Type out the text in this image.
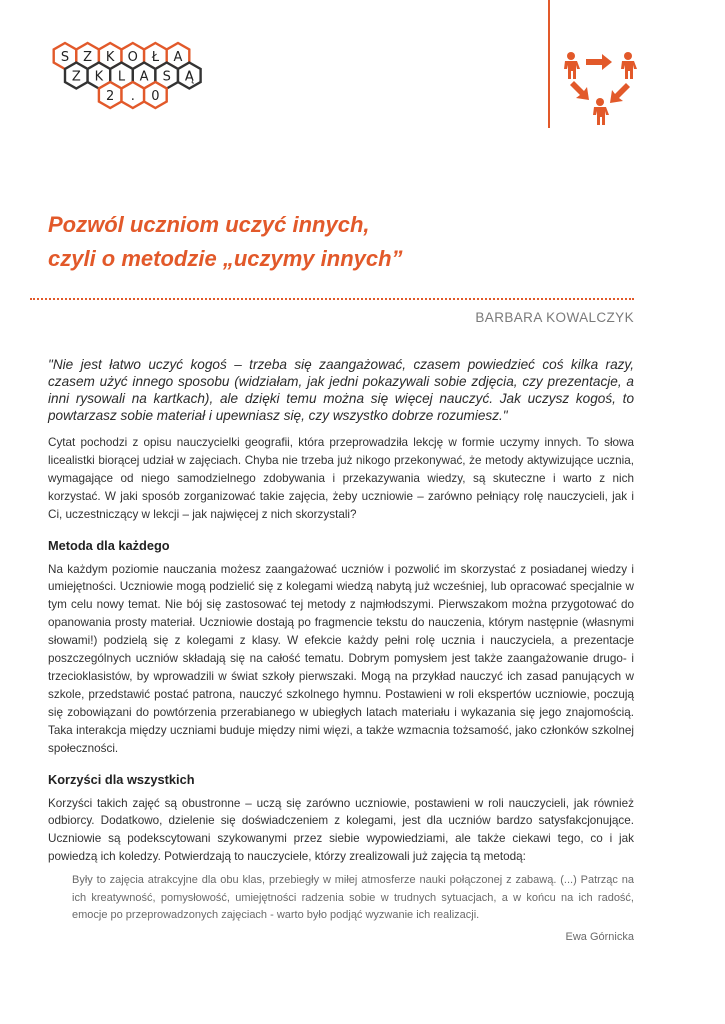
S Z K O Ł A
Z K L A S Ą
2 . 0
Pozwól uczniom uczyć innych,
czyli o metodzie „uczymy innych”
BARBARA KOWALCZYK

"Nie jest łatwo uczyć kogoś – trzeba się zaangażować, czasem powiedzieć coś kilka razy, czasem użyć innego sposobu (widziałam, jak jedni pokazywali sobie zdjęcia, czy prezentacje, a inni rysowali na kartkach), ale dzięki temu można się więcej nauczyć. Jak uczysz kogoś, to powtarzasz sobie materiał i upewniasz się, czy wszystko dobrze rozumiesz."

Cytat pochodzi z opisu nauczycielki geografii, która przeprowadziła lekcję w formie uczymy innych. To słowa licealistki biorącej udział w zajęciach. Chyba nie trzeba już nikogo przekonywać, że metody aktywizujące ucznia, wymagające od niego samodzielnego zdobywania i przekazywania wiedzy, są skuteczne i warto z nich korzystać. W jaki sposób zorganizować takie zajęcia, żeby uczniowie – zarówno pełniący rolę nauczycieli, jak i Ci, uczestniczący w lekcji – jak najwięcej z nich skorzystali?

Metoda dla każdego

Na każdym poziomie nauczania możesz zaangażować uczniów i pozwolić im skorzystać z posiadanej wiedzy i umiejętności. Uczniowie mogą podzielić się z kolegami wiedzą nabytą już wcześniej, lub opracować specjalnie w tym celu nowy temat. Nie bój się zastosować tej metody z najmłodszymi. Pierwszakom można przygotować do opanowania prosty materiał. Uczniowie dostają po fragmencie tekstu do nauczenia, którym następnie (własnymi słowami!) podzielą się z kolegami z klasy. W efekcie każdy pełni rolę ucznia i nauczyciela, a prezentacje poszczególnych uczniów składają się na całość tematu. Dobrym pomysłem jest także zaangażowanie drugo- i trzecioklasistów, by wprowadzili w świat szkoły pierwszaki. Mogą na przykład nauczyć ich zasad panujących w szkole, przedstawić postać patrona, nauczyć szkolnego hymnu. Postawieni w roli ekspertów uczniowie, poczują się zobowiązani do powtórzenia przerabianego w ubiegłych latach materiału i wykazania się jego znajomością. Taka interakcja między uczniami buduje między nimi więzi, a także wzmacnia tożsamość, jako członków szkolnej społeczności.

Korzyści dla wszystkich

Korzyści takich zajęć są obustronne – uczą się zarówno uczniowie, postawieni w roli nauczycieli, jak również odbiorcy. Dodatkowo, dzielenie się doświadczeniem z kolegami, jest dla uczniów bardzo satysfakcjonujące. Uczniowie są podekscytowani szykowanymi przez siebie wypowiedziami, ale także ciekawi tego, co i jak powiedzą ich koledzy. Potwierdzają to nauczyciele, którzy zrealizowali już zajęcia tą metodą:

Były to zajęcia atrakcyjne dla obu klas, przebiegły w miłej atmosferze nauki połączonej z zabawą. (...) Patrząc na ich kreatywność, pomysłowość, umiejętności radzenia sobie w trudnych sytuacjach, a w końcu na ich radość, emocje po przeprowadzonych zajęciach - warto było podjąć wyzwanie ich realizacji.
Ewa Górnicka
